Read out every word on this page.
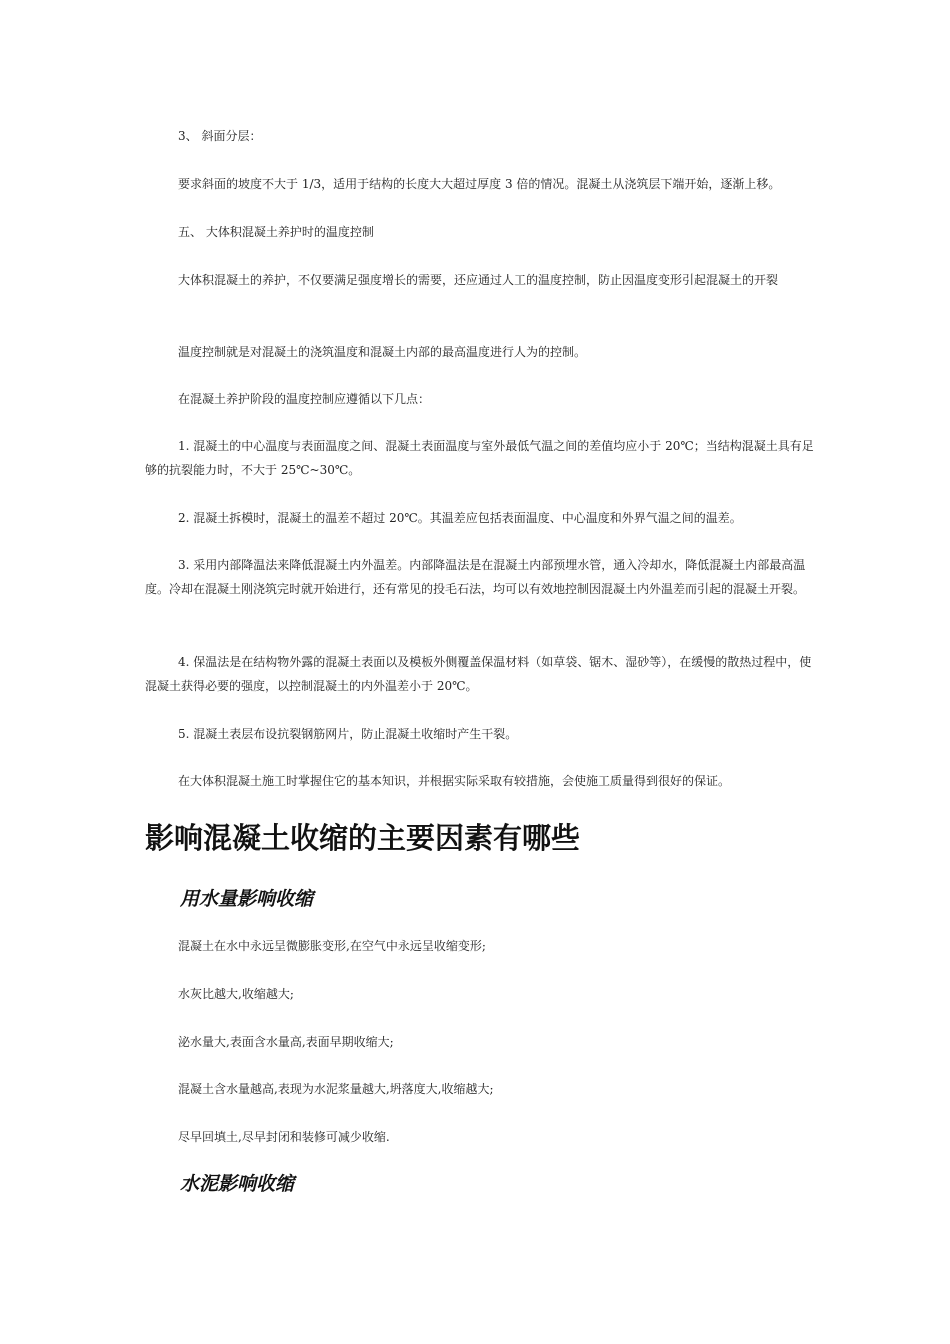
3、 斜面分层：
要求斜面的坡度不大于 1/3，适用于结构的长度大大超过厚度 3 倍的情况。混凝土从浇筑层下端开始，逐渐上移。
五、 大体积混凝土养护时的温度控制
大体积混凝土的养护，不仅要满足强度增长的需要，还应通过人工的温度控制，防止因温度变形引起混凝土的开裂
温度控制就是对混凝土的浇筑温度和混凝土内部的最高温度进行人为的控制。
在混凝土养护阶段的温度控制应遵循以下几点：
1. 混凝土的中心温度与表面温度之间、混凝土表面温度与室外最低气温之间的差值均应小于 20℃；当结构混凝土具有足够的抗裂能力时，不大于 25℃~30℃。
2. 混凝土拆模时，混凝土的温差不超过 20℃。其温差应包括表面温度、中心温度和外界气温之间的温差。
3. 采用内部降温法来降低混凝土内外温差。内部降温法是在混凝土内部预埋水管，通入冷却水，降低混凝土内部最高温度。冷却在混凝土刚浇筑完时就开始进行，还有常见的投毛石法，均可以有效地控制因混凝土内外温差而引起的混凝土开裂。
4. 保温法是在结构物外露的混凝土表面以及模板外侧覆盖保温材料（如草袋、锯木、湿砂等），在缓慢的散热过程中，使混凝土获得必要的强度，以控制混凝土的内外温差小于 20℃。
5. 混凝土表层布设抗裂钢筋网片，防止混凝土收缩时产生干裂。
在大体积混凝土施工时掌握住它的基本知识，并根据实际采取有较措施，会使施工质量得到很好的保证。
影响混凝土收缩的主要因素有哪些
用水量影响收缩
混凝土在水中永远呈微膨胀变形,在空气中永远呈收缩变形;
水灰比越大,收缩越大;
泌水量大,表面含水量高,表面早期收缩大;
混凝土含水量越高,表现为水泥浆量越大,坍落度大,收缩越大;
尽早回填土,尽早封闭和装修可减少收缩.
水泥影响收缩
